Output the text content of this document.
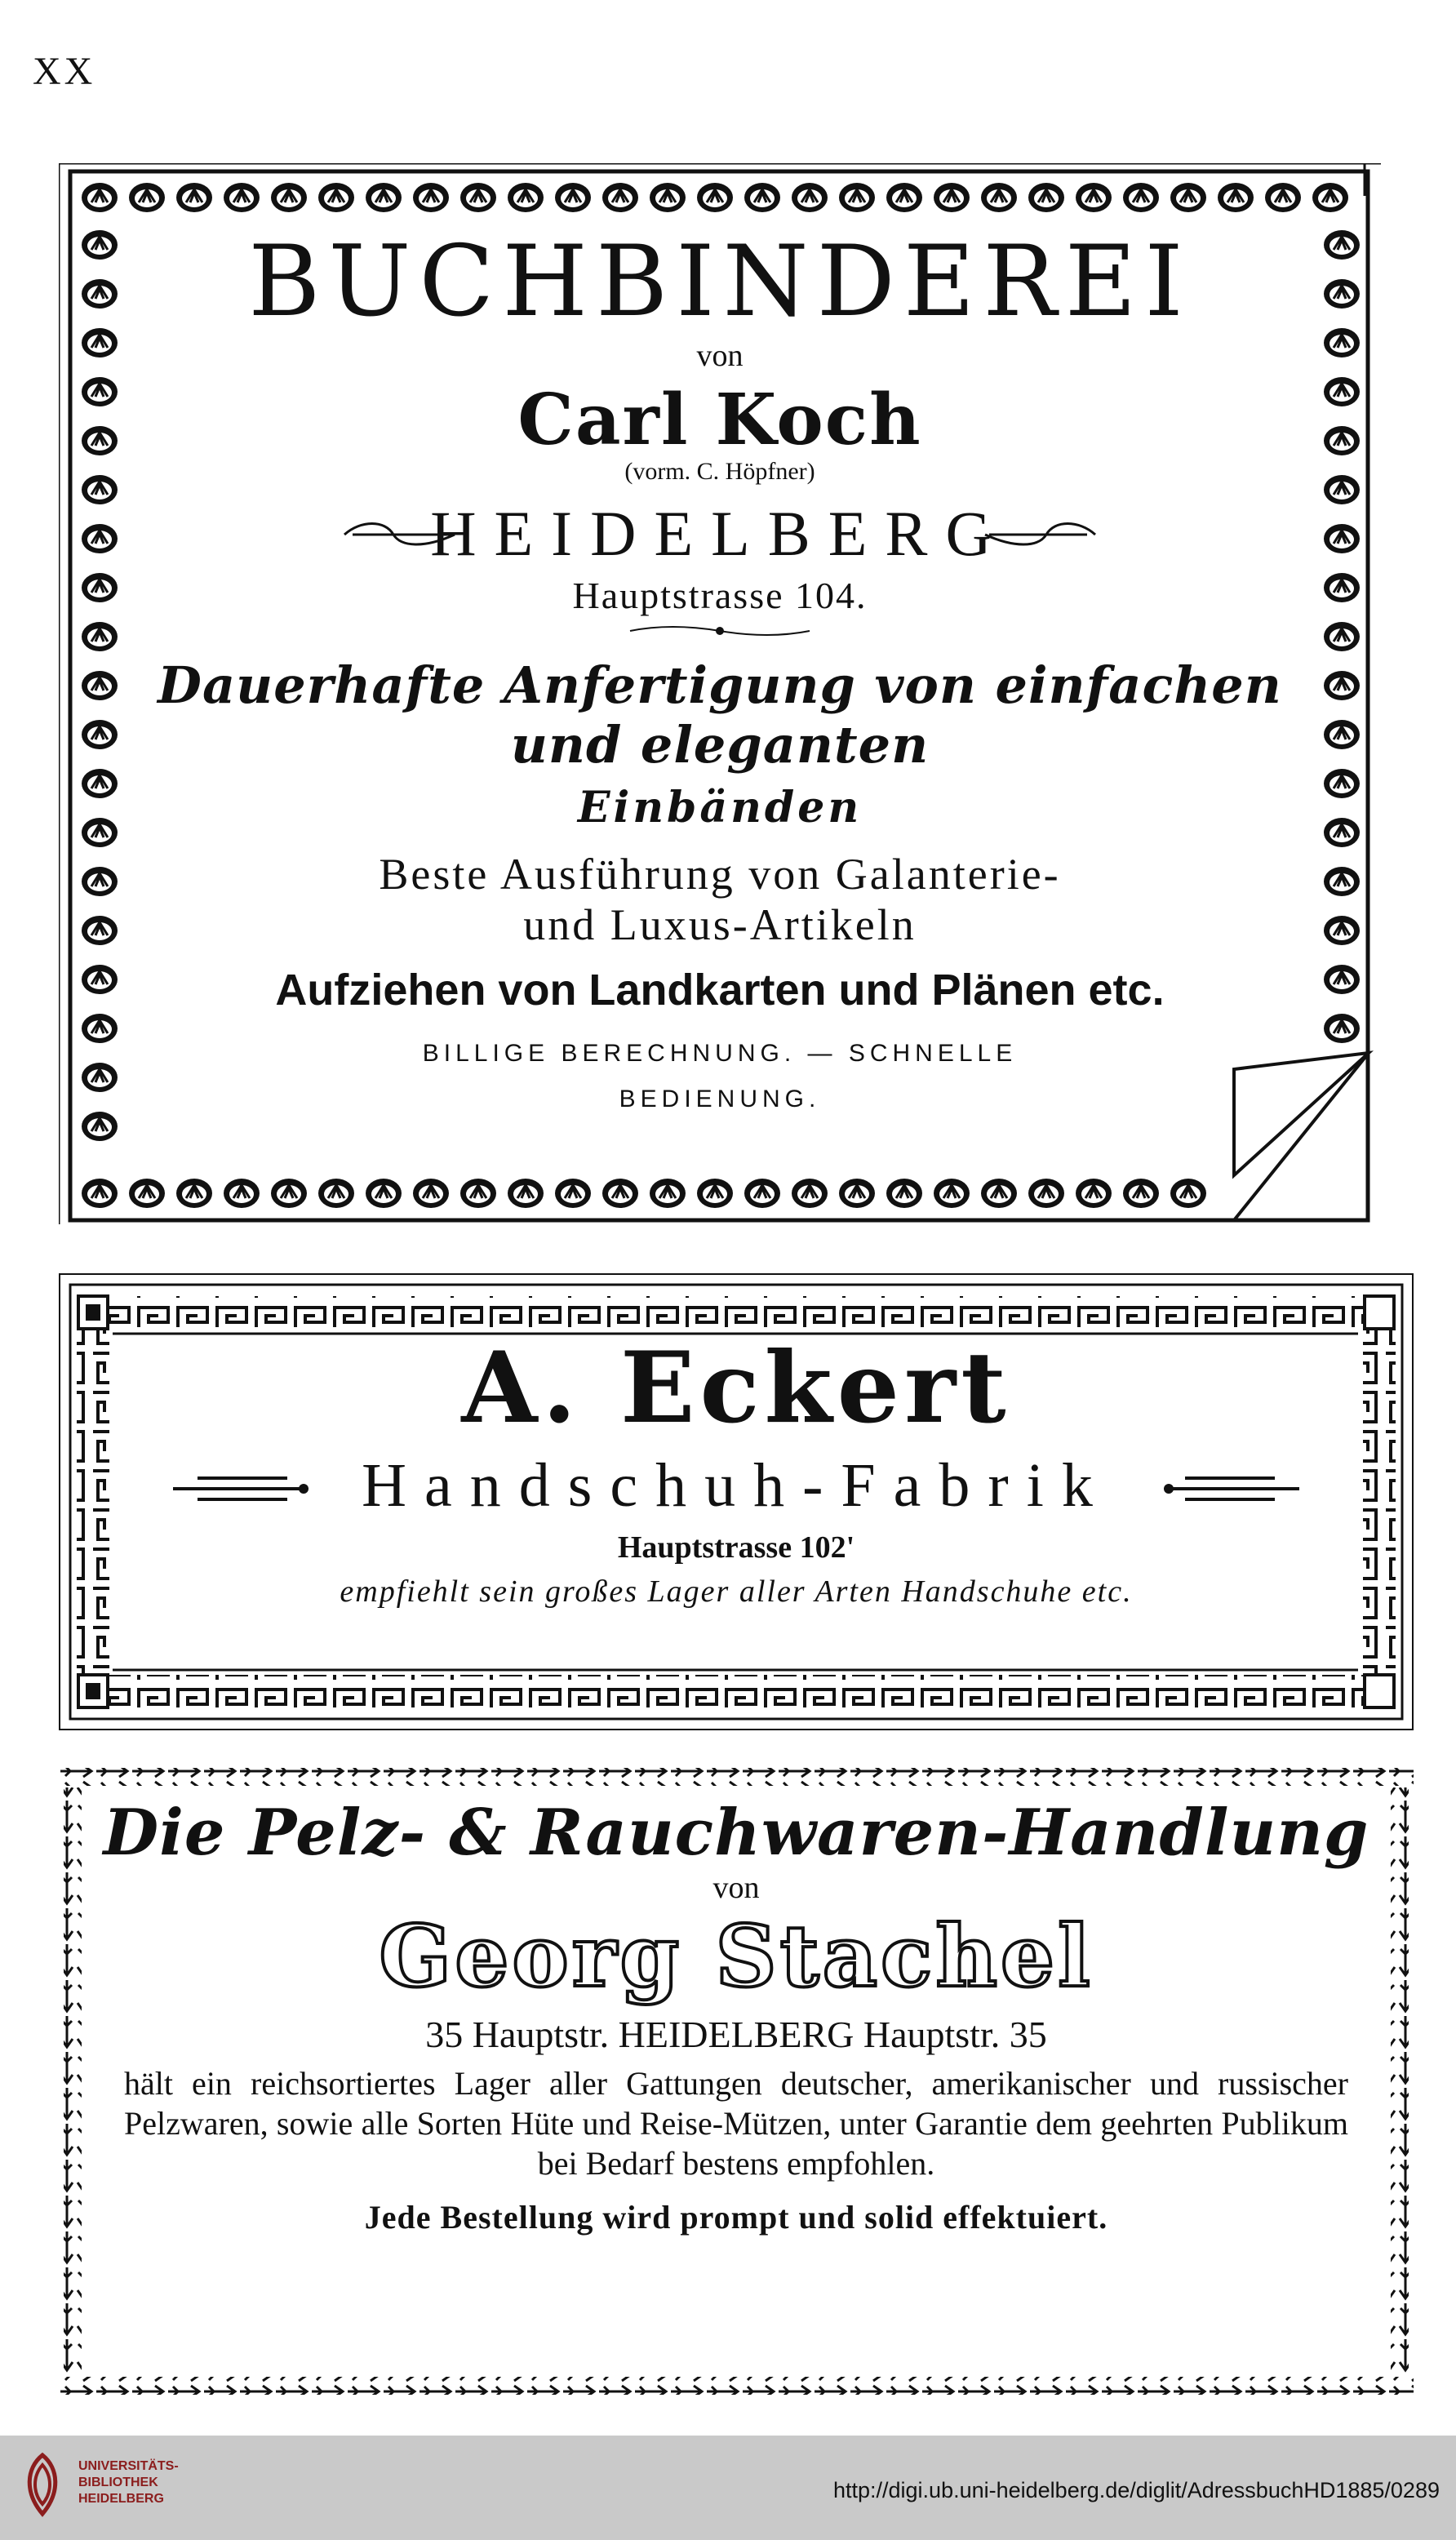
XX
BUCHBINDEREI
von
Carl Koch
(vorm. C. Höpfner)
HEIDELBERG
Hauptstrasse 104.
Dauerhafte Anfertigung von einfachen und eleganten
Einbänden
Beste Ausführung von Galanterie-
und Luxus-Artikeln
Aufziehen von Landkarten und Plänen etc.
BILLIGE BERECHNUNG. — SCHNELLE
BEDIENUNG.
A. Eckert
Handschuh-Fabrik
Hauptstrasse 102'
empfiehlt sein großes Lager aller Arten Handschuhe etc.
Die Pelz- & Rauchwaren-Handlung
von
Georg Stachel
35 Hauptstr. HEIDELBERG Hauptstr. 35
hält ein reichsortiertes Lager aller Gattungen deutscher, amerikanischer und russischer Pelzwaren, sowie alle Sorten Hüte und Reise-Mützen, unter Garantie dem geehrten Publikum bei Bedarf bestens empfohlen.
Jede Bestellung wird prompt und solid effektuiert.
UNIVERSITÄTS-
BIBLIOTHEK
HEIDELBERG	http://digi.ub.uni-heidelberg.de/diglit/AdressbuchHD1885/0289
